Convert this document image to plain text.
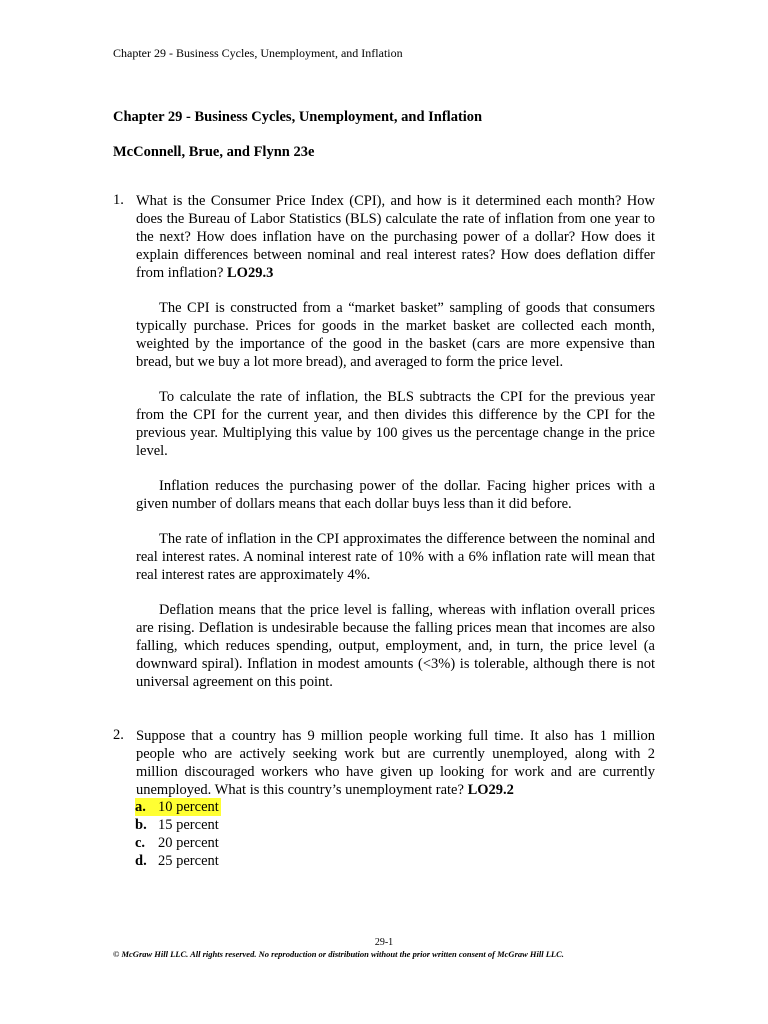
Chapter 29 - Business Cycles, Unemployment, and Inflation
Chapter 29 - Business Cycles, Unemployment, and Inflation
McConnell, Brue, and Flynn 23e
1. What is the Consumer Price Index (CPI), and how is it determined each month? How does the Bureau of Labor Statistics (BLS) calculate the rate of inflation from one year to the next? How does inflation have on the purchasing power of a dollar? How does it explain differences between nominal and real interest rates? How does deflation differ from inflation? LO29.3
The CPI is constructed from a “market basket” sampling of goods that consumers typically purchase. Prices for goods in the market basket are collected each month, weighted by the importance of the good in the basket (cars are more expensive than bread, but we buy a lot more bread), and averaged to form the price level.
To calculate the rate of inflation, the BLS subtracts the CPI for the previous year from the CPI for the current year, and then divides this difference by the CPI for the previous year. Multiplying this value by 100 gives us the percentage change in the price level.
Inflation reduces the purchasing power of the dollar. Facing higher prices with a given number of dollars means that each dollar buys less than it did before.
The rate of inflation in the CPI approximates the difference between the nominal and real interest rates. A nominal interest rate of 10% with a 6% inflation rate will mean that real interest rates are approximately 4%.
Deflation means that the price level is falling, whereas with inflation overall prices are rising. Deflation is undesirable because the falling prices mean that incomes are also falling, which reduces spending, output, employment, and, in turn, the price level (a downward spiral). Inflation in modest amounts (<3%) is tolerable, although there is not universal agreement on this point.
2. Suppose that a country has 9 million people working full time. It also has 1 million people who are actively seeking work but are currently unemployed, along with 2 million discouraged workers who have given up looking for work and are currently unemployed. What is this country’s unemployment rate? LO29.2
a. 10 percent
b. 15 percent
c. 20 percent
d. 25 percent
29-1
© McGraw Hill LLC. All rights reserved. No reproduction or distribution without the prior written consent of McGraw Hill LLC.
